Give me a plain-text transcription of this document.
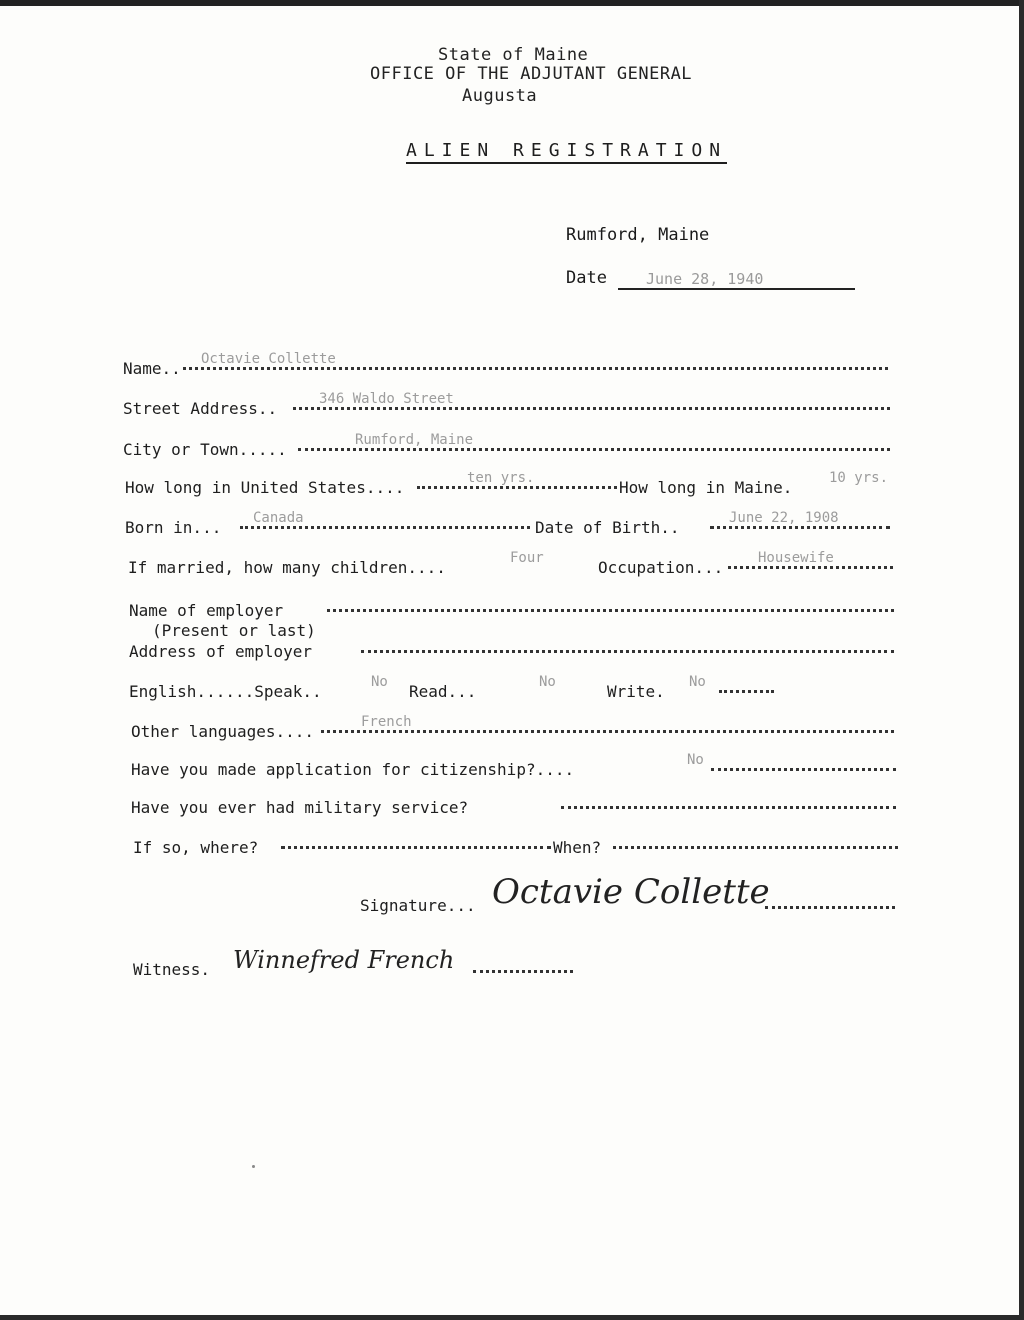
State of Maine
OFFICE OF THE ADJUTANT GENERAL
Augusta
ALIEN REGISTRATION
Rumford, Maine
Date	June 28, 1940
Name.. Octavie Collette
Street Address..	346 Waldo Street
City or Town.....	Rumford, Maine
How long in United States....	ten yrs.	How long in Maine.	10 yrs.
Born in... Canada	Date of Birth..	June 22, 1908
If married, how many children....	Four	Occupation... Housewife
Name of employer
(Present or last)
Address of employer
English......Speak..	No Read...	No	Write. No
Other languages....	French
Have you made application for citizenship?....	No
Have you ever had military service?
If so, where?	When?
Signature... Octavie Collette
Witness. Winnefred French
